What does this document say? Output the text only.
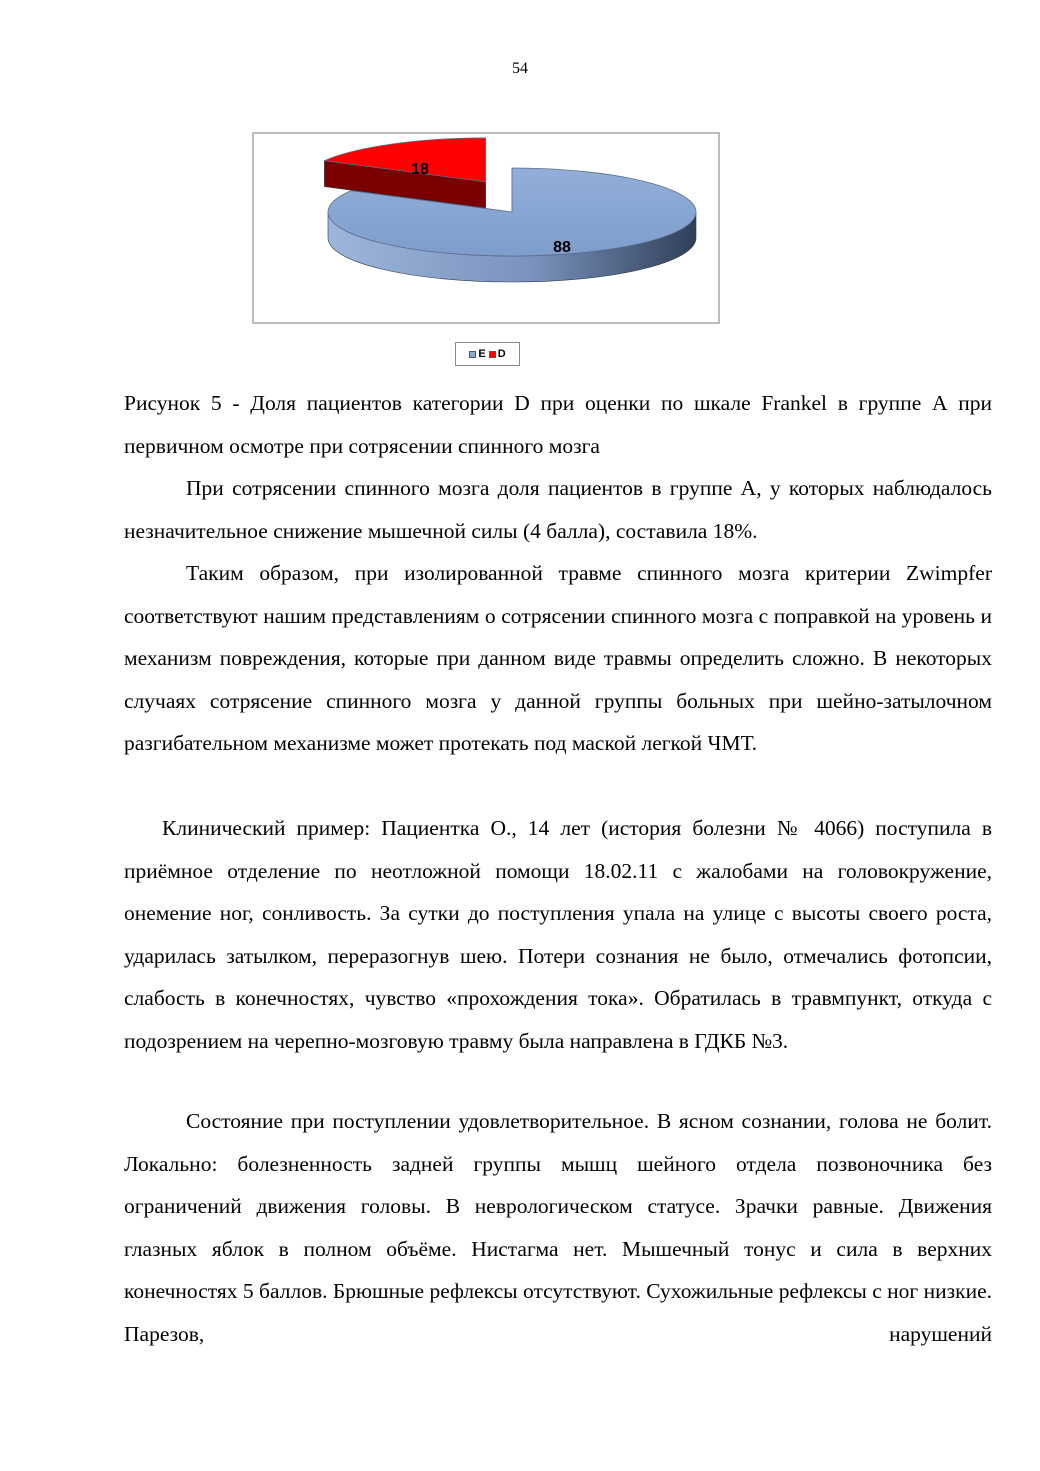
54
88
18
E D

Рисунок 5 - Доля пациентов категории D при оценки по шкале Frankel в группе А при первичном осмотре при сотрясении спинного мозга

При сотрясении спинного мозга доля пациентов в группе А, у которых наблюдалось незначительное снижение мышечной силы (4 балла), составила 18%.

Таким образом, при изолированной травме спинного мозга критерии Zwimpfer соответствуют нашим представлениям о сотрясении спинного мозга с поправкой на уровень и механизм повреждения, которые при данном виде травмы определить сложно. В некоторых случаях сотрясение спинного мозга у данной группы больных при шейно-затылочном разгибательном механизме может протекать под маской легкой ЧМТ.

Клинический пример: Пациентка О., 14 лет (история болезни № 4066) поступила в приёмное отделение по неотложной помощи 18.02.11 с жалобами на головокружение, онемение ног, сонливость. За сутки до поступления упала на улице с высоты своего роста, ударилась затылком, переразогнув шею. Потери сознания не было, отмечались фотопсии, слабость в конечностях, чувство «прохождения тока». Обратилась в травмпункт, откуда с подозрением на черепно-мозговую травму была направлена в ГДКБ №3.

Состояние при поступлении удовлетворительное. В ясном сознании, голова не болит. Локально: болезненность задней группы мышц шейного отдела позвоночника без ограничений движения головы. В неврологическом статусе. Зрачки равные. Движения глазных яблок в полном объёме. Нистагма нет. Мышечный тонус и сила в верхних конечностях 5 баллов. Брюшные рефлексы отсутствуют. Сухожильные рефлексы с ног низкие. Парезов, нарушений
